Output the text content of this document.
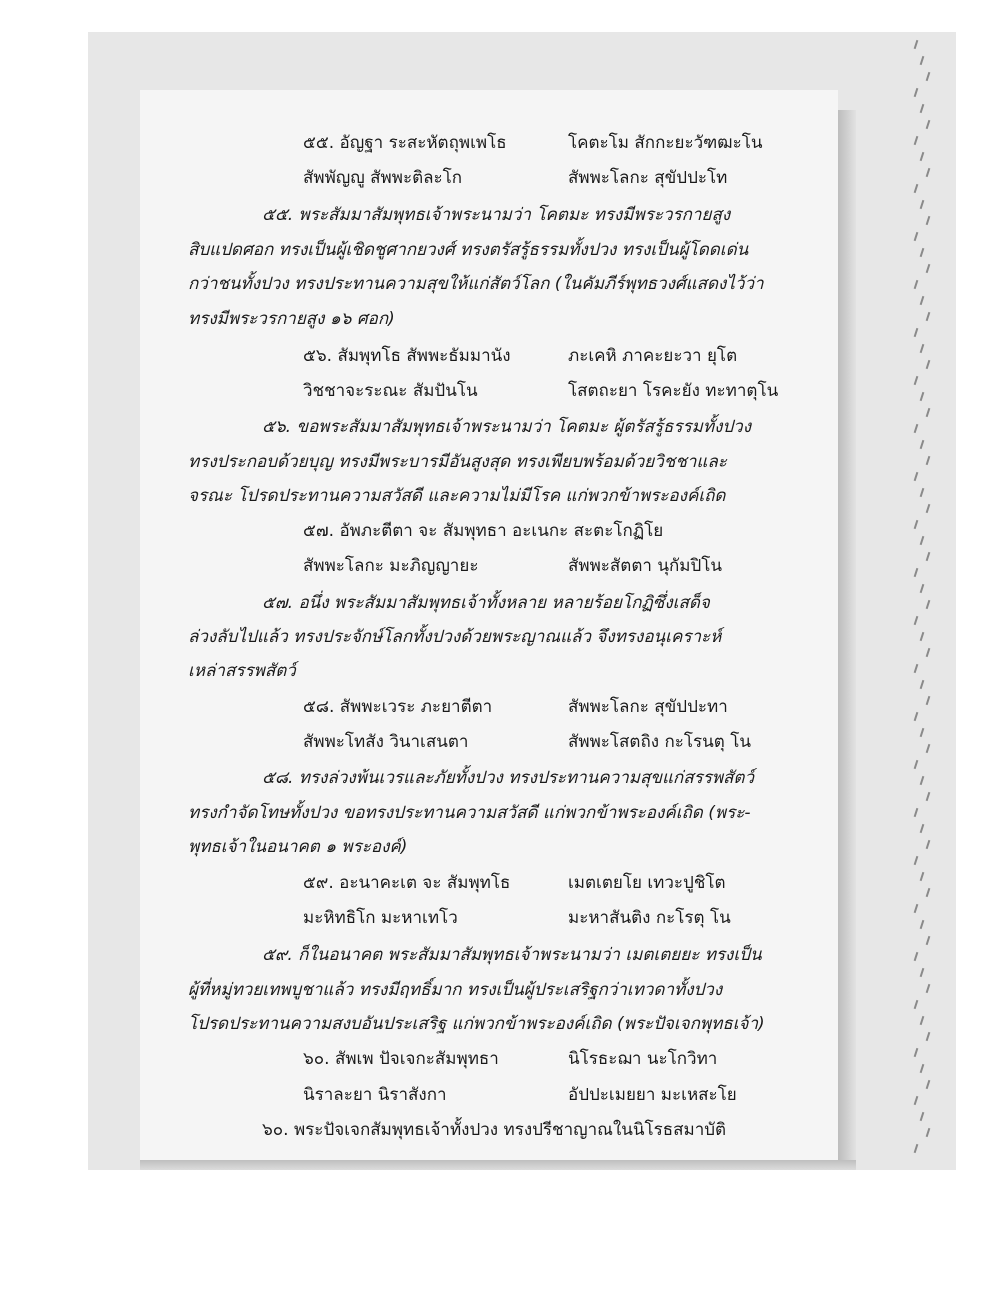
๕๕. อัญฐา ระสะหัตถุพเพโธ	โคตะโม สักกะยะวัฑฒะโน
สัพพัญญู สัพพะติละโก	สัพพะโลกะ สุขัปปะโท
๕๕. พระสัมมาสัมพุทธเจ้าพระนามว่า โคตมะ ทรงมีพระวรกายสูง
สิบแปดศอก ทรงเป็นผู้เชิดชูศากยวงศ์ ทรงตรัสรู้ธรรมทั้งปวง ทรงเป็นผู้โดดเด่น
กว่าชนทั้งปวง ทรงประทานความสุขให้แก่สัตว์โลก (ในคัมภีร์พุทธวงศ์แสดงไว้ว่า
ทรงมีพระวรกายสูง ๑๖ ศอก)
๕๖. สัมพุทโธ สัพพะธัมมานัง	ภะเคหิ ภาคะยะวา ยุโต
วิชชาจะระณะ สัมปันโน	โสตถะยา โรคะยัง ทะทาตุโน
๕๖. ขอพระสัมมาสัมพุทธเจ้าพระนามว่า โคตมะ ผู้ตรัสรู้ธรรมทั้งปวง
ทรงประกอบด้วยบุญ ทรงมีพระบารมีอันสูงสุด ทรงเพียบพร้อมด้วยวิชชาและ
จรณะ โปรดประทานความสวัสดี และความไม่มีโรค แก่พวกข้าพระองค์เถิด
๕๗. อัพภะตีตา จะ สัมพุทธา อะเนกะ สะตะโกฏิโย
สัพพะโลกะ มะภิญญายะ	สัพพะสัตตา นุกัมปิโน
๕๗. อนึ่ง พระสัมมาสัมพุทธเจ้าทั้งหลาย หลายร้อยโกฏิซึ่งเสด็จ
ล่วงลับไปแล้ว ทรงประจักษ์โลกทั้งปวงด้วยพระญาณแล้ว จึงทรงอนุเคราะห์
เหล่าสรรพสัตว์
๕๘. สัพพะเวระ ภะยาตีตา	สัพพะโลกะ สุขัปปะทา
สัพพะโทสัง วินาเสนตา	สัพพะโสตถิง กะโรนตุ โน
๕๘. ทรงล่วงพ้นเวรและภัยทั้งปวง ทรงประทานความสุขแก่สรรพสัตว์
ทรงกำจัดโทษทั้งปวง ขอทรงประทานความสวัสดี แก่พวกข้าพระองค์เถิด (พระ-
พุทธเจ้าในอนาคต ๑ พระองค์)
๕๙. อะนาคะเต จะ สัมพุทโธ	เมตเตยโย เทวะปูชิโต
มะหิทธิโก มะหาเทโว	มะหาสันติง กะโรตุ โน
๕๙. ก็ในอนาคต พระสัมมาสัมพุทธเจ้าพระนามว่า เมตเตยยะ ทรงเป็น
ผู้ที่หมู่ทวยเทพบูชาแล้ว ทรงมีฤทธิ์มาก ทรงเป็นผู้ประเสริฐกว่าเทวดาทั้งปวง
โปรดประทานความสงบอันประเสริฐ แก่พวกข้าพระองค์เถิด (พระปัจเจกพุทธเจ้า)
๖๐. สัพเพ ปัจเจกะสัมพุทธา	นิโรธะฌา นะโกวิทา
นิราละยา นิราสังกา	อัปปะเมยยา มะเหสะโย
๖๐. พระปัจเจกสัมพุทธเจ้าทั้งปวง ทรงปรีชาญาณในนิโรธสมาบัติ
